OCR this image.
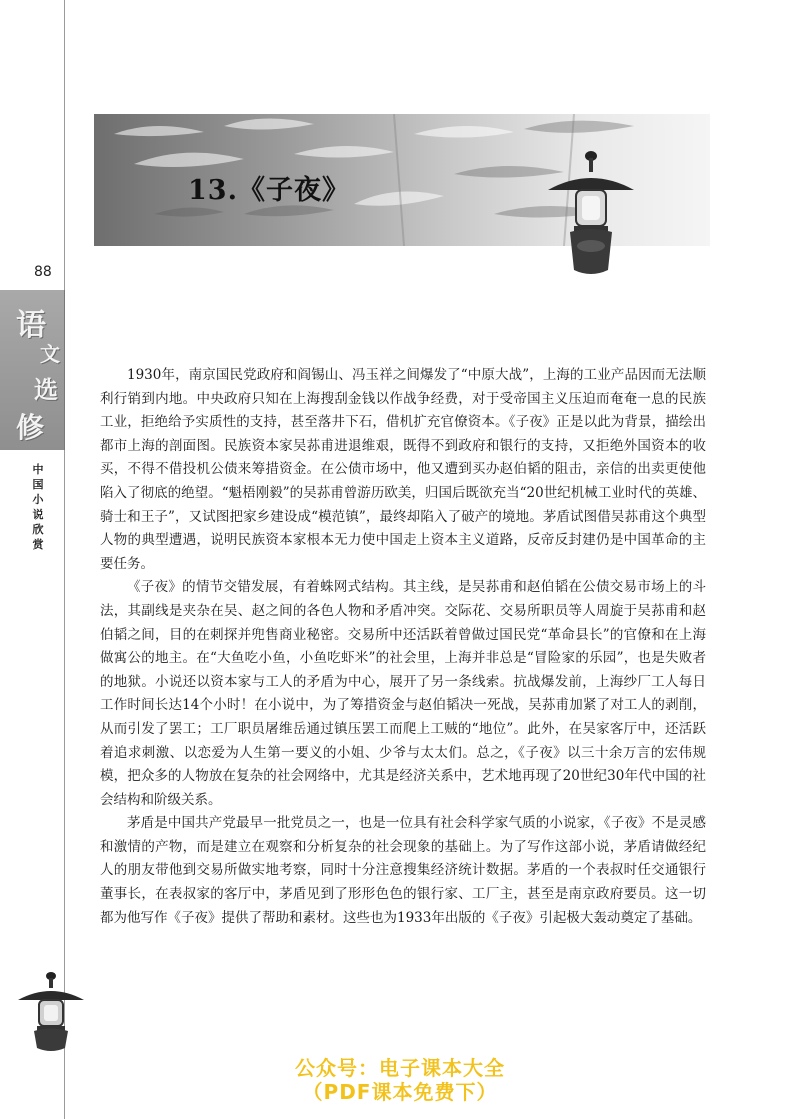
88
语
文
选
修
中国小说欣赏
13.《子夜》

1930年，南京国民党政府和阎锡山、冯玉祥之间爆发了“中原大战”，上海的工业产品因而无法顺利行销到内地。中央政府只知在上海搜刮金钱以作战争经费，对于受帝国主义压迫而奄奄一息的民族工业，拒绝给予实质性的支持，甚至落井下石，借机扩充官僚资本。《子夜》正是以此为背景，描绘出都市上海的剖面图。民族资本家吴荪甫进退维艰，既得不到政府和银行的支持，又拒绝外国资本的收买，不得不借投机公债来筹措资金。在公债市场中，他又遭到买办赵伯韬的阻击，亲信的出卖更使他陷入了彻底的绝望。“魁梧刚毅”的吴荪甫曾游历欧美，归国后既欲充当“20世纪机械工业时代的英雄、骑士和王子”，又试图把家乡建设成“模范镇”，最终却陷入了破产的境地。茅盾试图借吴荪甫这个典型人物的典型遭遇，说明民族资本家根本无力使中国走上资本主义道路，反帝反封建仍是中国革命的主要任务。

《子夜》的情节交错发展，有着蛛网式结构。其主线，是吴荪甫和赵伯韬在公债交易市场上的斗法，其副线是夹杂在吴、赵之间的各色人物和矛盾冲突。交际花、交易所职员等人周旋于吴荪甫和赵伯韬之间，目的在刺探并兜售商业秘密。交易所中还活跃着曾做过国民党“革命县长”的官僚和在上海做寓公的地主。在“大鱼吃小鱼，小鱼吃虾米”的社会里，上海并非总是“冒险家的乐园”，也是失败者的地狱。小说还以资本家与工人的矛盾为中心，展开了另一条线索。抗战爆发前，上海纱厂工人每日工作时间长达14个小时！在小说中，为了筹措资金与赵伯韬决一死战，吴荪甫加紧了对工人的剥削，从而引发了罢工；工厂职员屠维岳通过镇压罢工而爬上工贼的“地位”。此外，在吴家客厅中，还活跃着追求刺激、以恋爱为人生第一要义的小姐、少爷与太太们。总之，《子夜》以三十余万言的宏伟规模，把众多的人物放在复杂的社会网络中，尤其是经济关系中，艺术地再现了20世纪30年代中国的社会结构和阶级关系。

茅盾是中国共产党最早一批党员之一，也是一位具有社会科学家气质的小说家，《子夜》不是灵感和激情的产物，而是建立在观察和分析复杂的社会现象的基础上。为了写作这部小说，茅盾请做经纪人的朋友带他到交易所做实地考察，同时十分注意搜集经济统计数据。茅盾的一个表叔时任交通银行董事长，在表叔家的客厅中，茅盾见到了形形色色的银行家、工厂主，甚至是南京政府要员。这一切都为他写作《子夜》提供了帮助和素材。这些也为1933年出版的《子夜》引起极大轰动奠定了基础。

公众号：电子课本大全
（PDF课本免费下）
